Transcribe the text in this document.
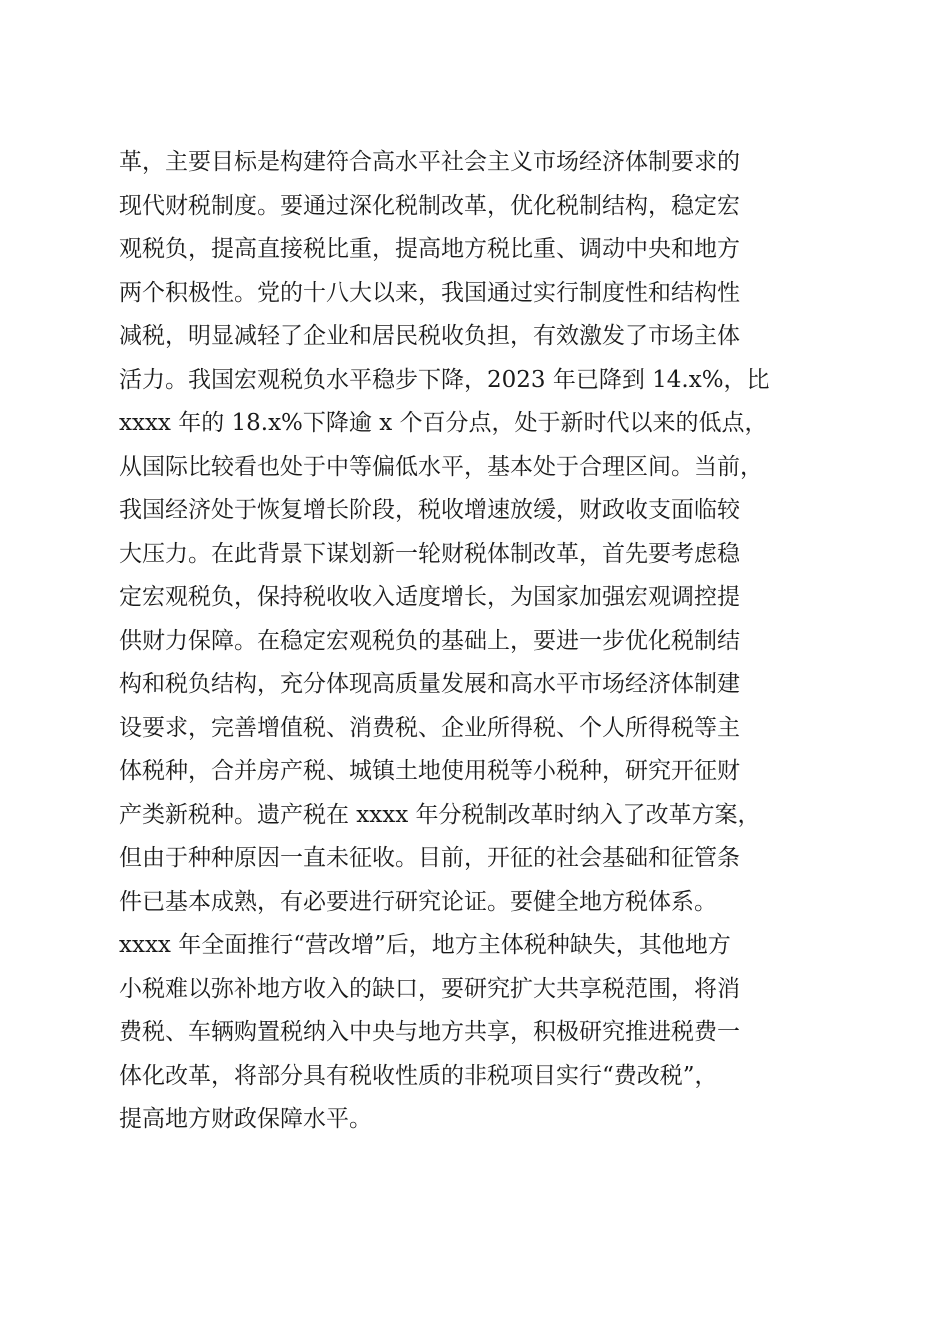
革，主要目标是构建符合高水平社会主义市场经济体制要求的
现代财税制度。要通过深化税制改革，优化税制结构，稳定宏
观税负，提高直接税比重，提高地方税比重、调动中央和地方
两个积极性。党的十八大以来，我国通过实行制度性和结构性
减税，明显减轻了企业和居民税收负担，有效激发了市场主体
活力。我国宏观税负水平稳步下降，2023 年已降到 14.x%，比
xxxx 年的 18.x%下降逾 x 个百分点，处于新时代以来的低点，
从国际比较看也处于中等偏低水平，基本处于合理区间。当前，
我国经济处于恢复增长阶段，税收增速放缓，财政收支面临较
大压力。在此背景下谋划新一轮财税体制改革，首先要考虑稳
定宏观税负，保持税收收入适度增长，为国家加强宏观调控提
供财力保障。在稳定宏观税负的基础上，要进一步优化税制结
构和税负结构，充分体现高质量发展和高水平市场经济体制建
设要求，完善增值税、消费税、企业所得税、个人所得税等主
体税种，合并房产税、城镇土地使用税等小税种，研究开征财
产类新税种。遗产税在 xxxx 年分税制改革时纳入了改革方案，
但由于种种原因一直未征收。目前，开征的社会基础和征管条
件已基本成熟，有必要进行研究论证。要健全地方税体系。
xxxx 年全面推行“营改增”后，地方主体税种缺失，其他地方
小税难以弥补地方收入的缺口，要研究扩大共享税范围，将消
费税、车辆购置税纳入中央与地方共享，积极研究推进税费一
体化改革，将部分具有税收性质的非税项目实行“费改税”，
提高地方财政保障水平。
